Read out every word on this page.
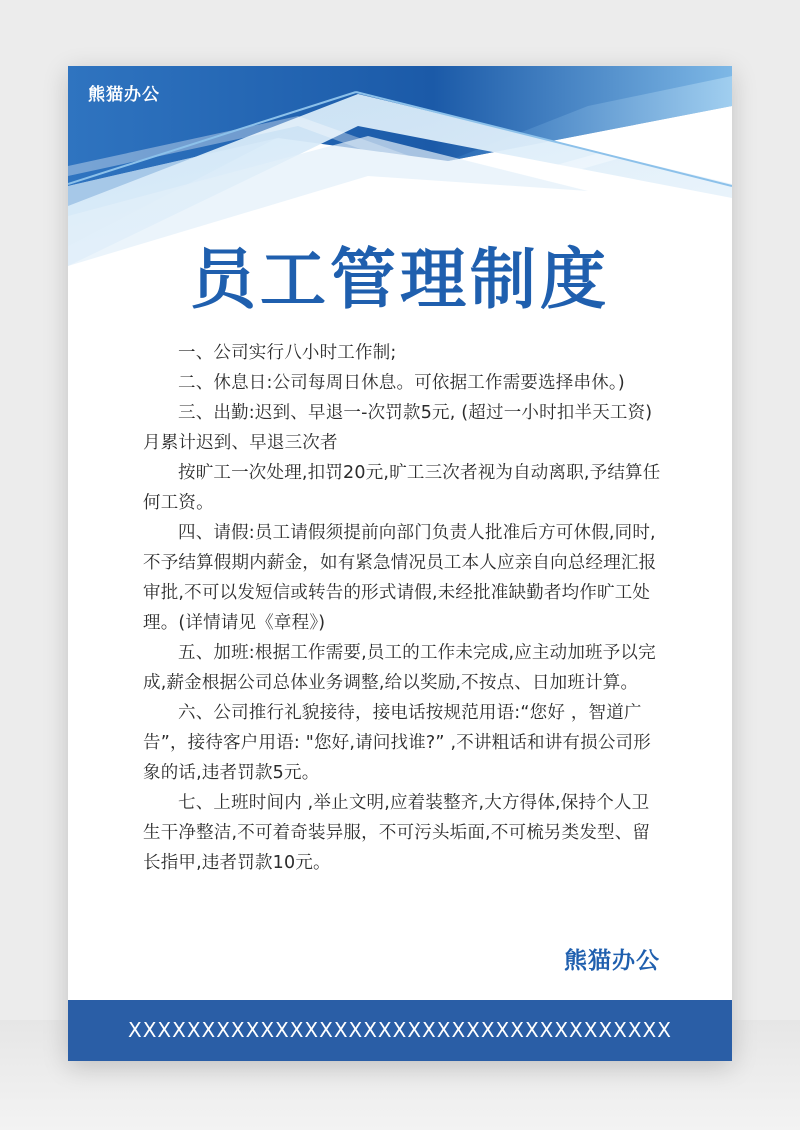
熊猫办公
员工管理制度

一、公司实行八小时工作制;

二、休息日:公司每周日休息。可依据工作需要选择串休。)

三、出勤:迟到、早退一-次罚款5元, (超过一小时扣半天工资)月累计迟到、早退三次者

按旷工一次处理,扣罚20元,旷工三次者视为自动离职,予结算任何工资。

四、请假:员工请假须提前向部门负责人批准后方可休假,同时,不予结算假期内薪金，如有紧急情况员工本人应亲自向总经理汇报审批,不可以发短信或转告的形式请假,未经批准缺勤者均作旷工处理。(详情请见《章程》)

五、加班:根据工作需要,员工的工作未完成,应主动加班予以完成,薪金根据公司总体业务调整,给以奖励,不按点、日加班计算。

六、公司推行礼貌接待，接电话按规范用语:“您好 ，智道广告”，接待客户用语: "您好,请问找谁?” ,不讲粗话和讲有损公司形象的话,违者罚款5元。

七、上班时间内 ,举止文明,应着装整齐,大方得体,保持个人卫生干净整洁,不可着奇装异服，不可污头垢面,不可梳另类发型、留长指甲,违者罚款10元。

熊猫办公
XXXXXXXXXXXXXXXXXXXXXXXXXXXXXXXXXXXXX
